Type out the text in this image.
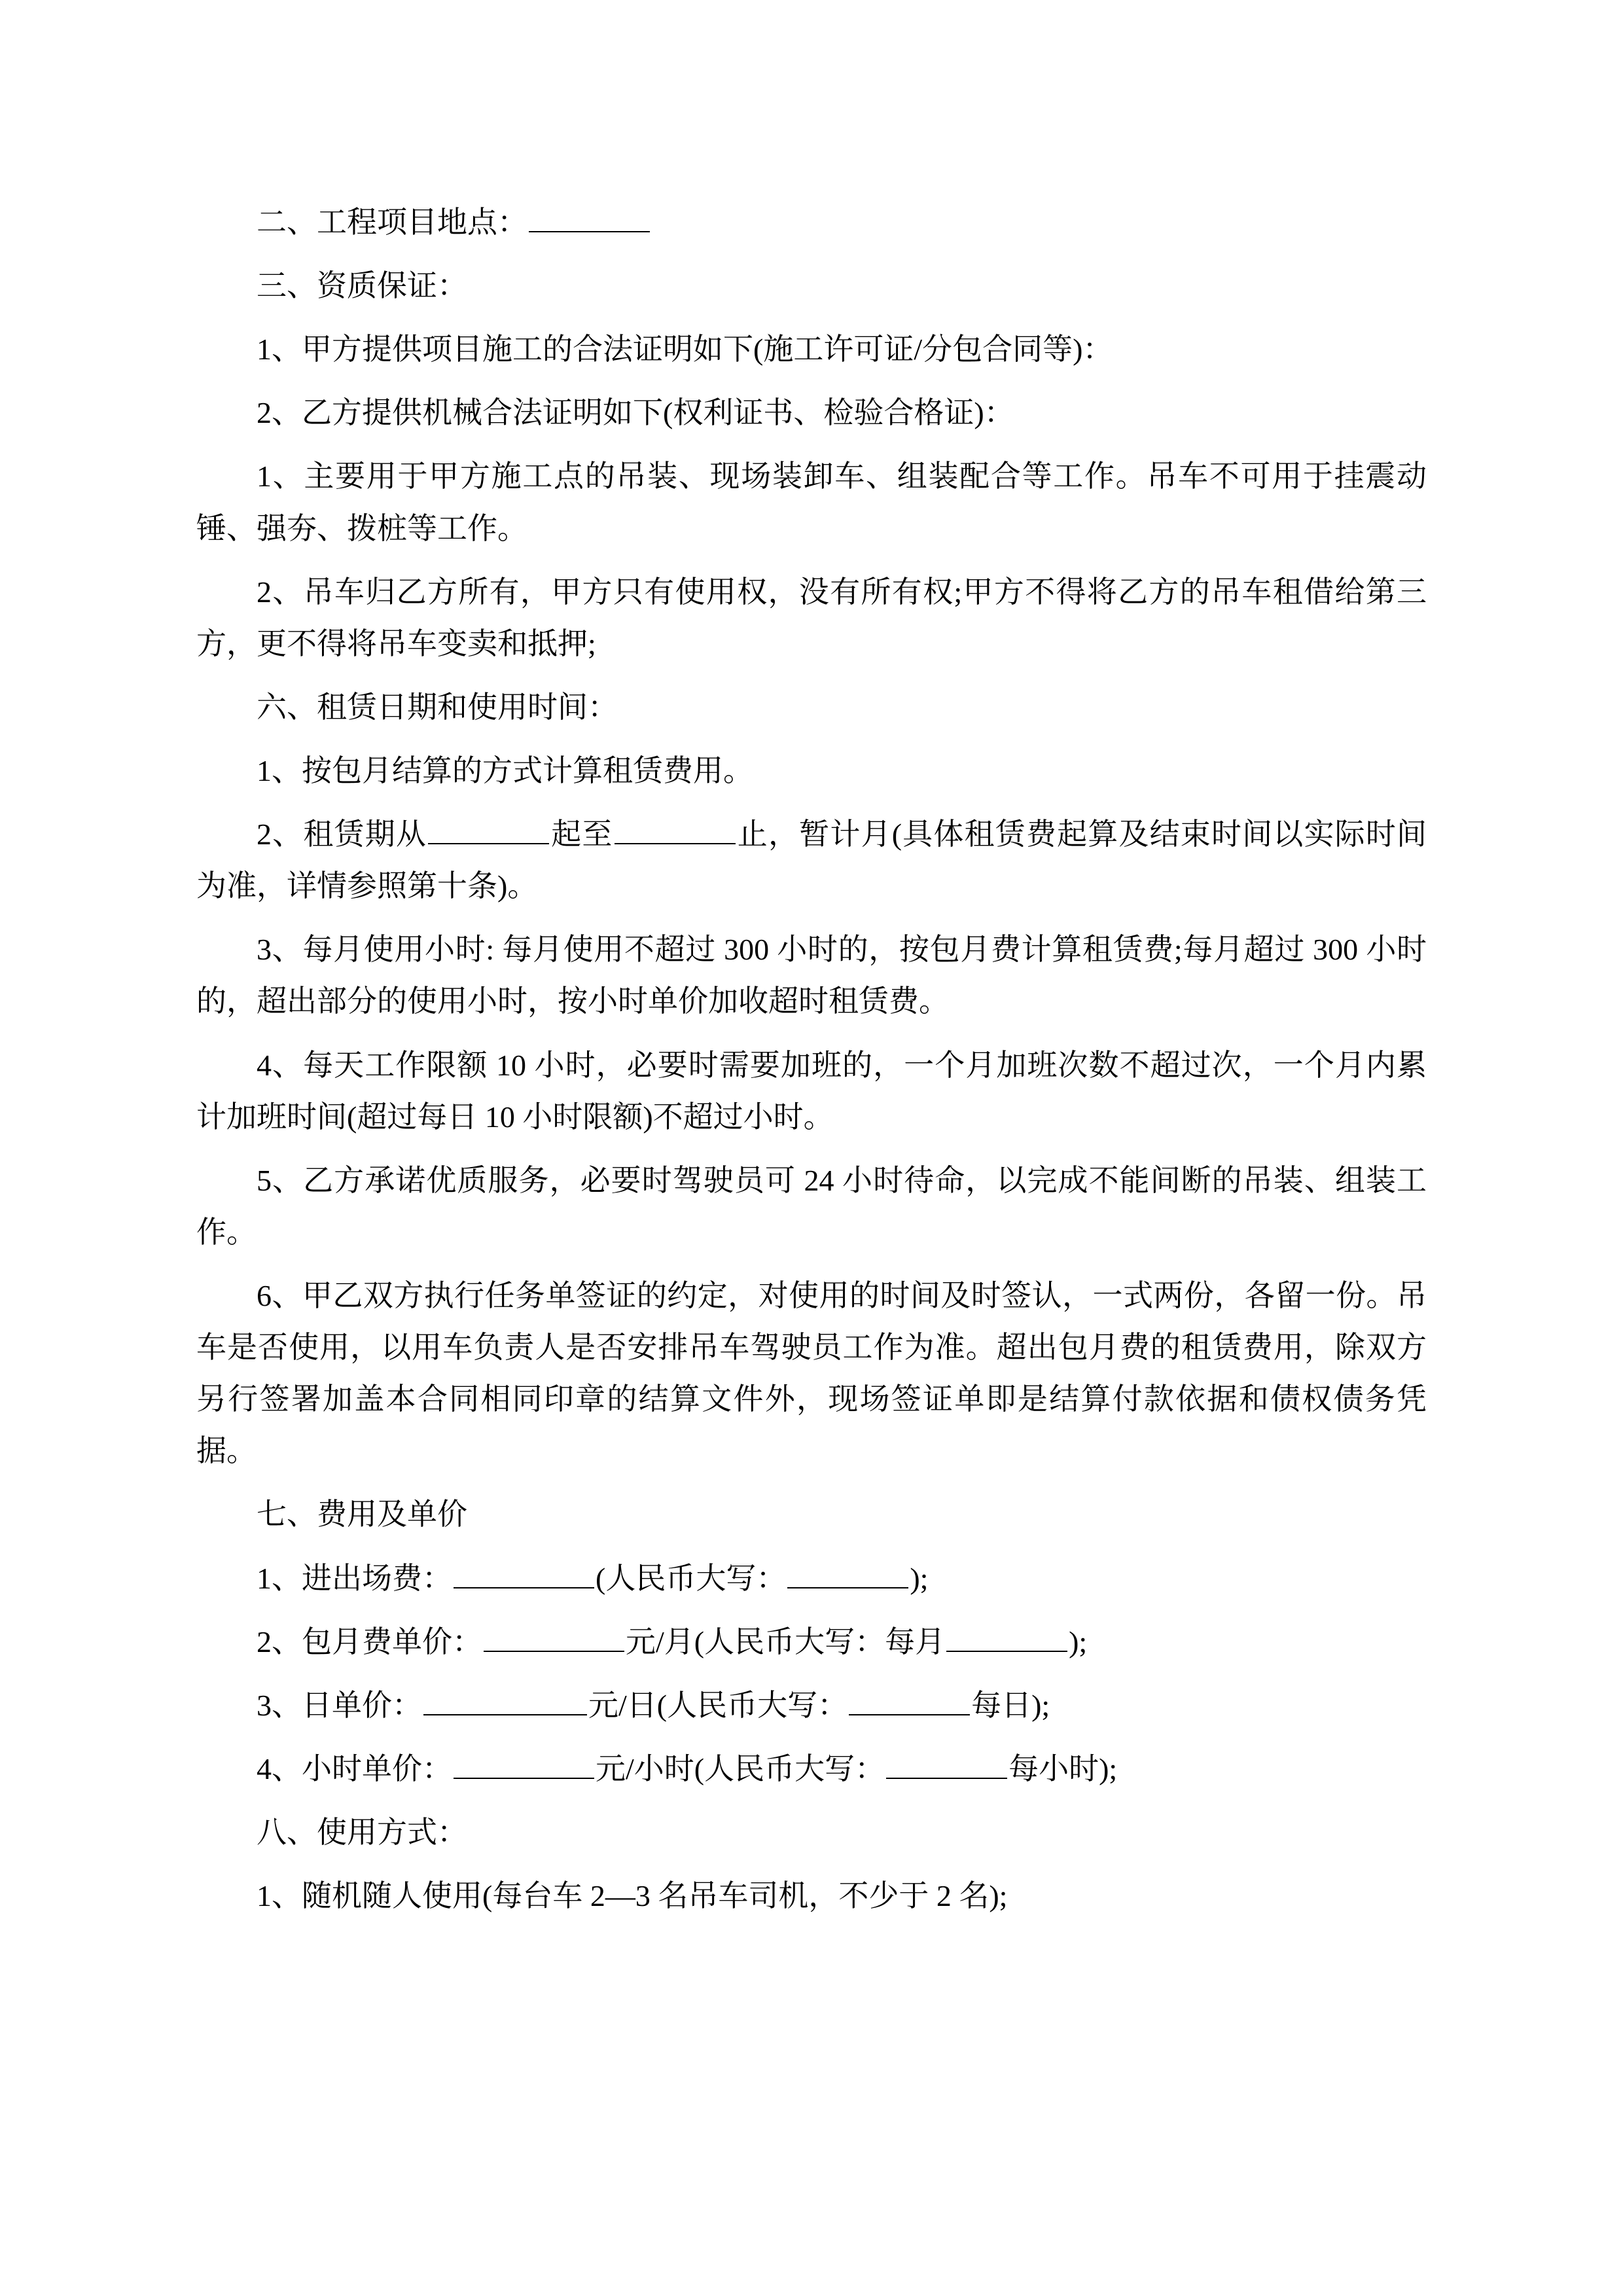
二、工程项目地点：
三、资质保证：
1、甲方提供项目施工的合法证明如下(施工许可证/分包合同等)：
2、乙方提供机械合法证明如下(权利证书、检验合格证)：
1、主要用于甲方施工点的吊装、现场装卸车、组装配合等工作。吊车不可用于挂震动锤、强夯、拨桩等工作。
2、吊车归乙方所有，甲方只有使用权，没有所有权;甲方不得将乙方的吊车租借给第三方，更不得将吊车变卖和抵押;
六、租赁日期和使用时间：
1、按包月结算的方式计算租赁费用。
2、租赁期从	起至	止，暂计月(具体租赁费起算及结束时间以实际时间为准，详情参照第十条)。
3、每月使用小时: 每月使用不超过 300 小时的，按包月费计算租赁费;每月超过 300 小时的，超出部分的使用小时，按小时单价加收超时租赁费。
4、每天工作限额 10 小时，必要时需要加班的，一个月加班次数不超过次，一个月内累计加班时间(超过每日 10 小时限额)不超过小时。
5、乙方承诺优质服务，必要时驾驶员可 24 小时待命，以完成不能间断的吊装、组装工作。
6、甲乙双方执行任务单签证的约定，对使用的时间及时签认，一式两份，各留一份。吊车是否使用，以用车负责人是否安排吊车驾驶员工作为准。超出包月费的租赁费用，除双方另行签署加盖本合同相同印章的结算文件外，现场签证单即是结算付款依据和债权债务凭据。
七、费用及单价
1、进出场费：	(人民币大写：	);
2、包月费单价：	元/月(人民币大写：每月	);
3、日单价：	元/日(人民币大写：	每日);
4、小时单价：	元/小时(人民币大写：	每小时);
八、使用方式：
1、随机随人使用(每台车 2—3 名吊车司机，不少于 2 名);
